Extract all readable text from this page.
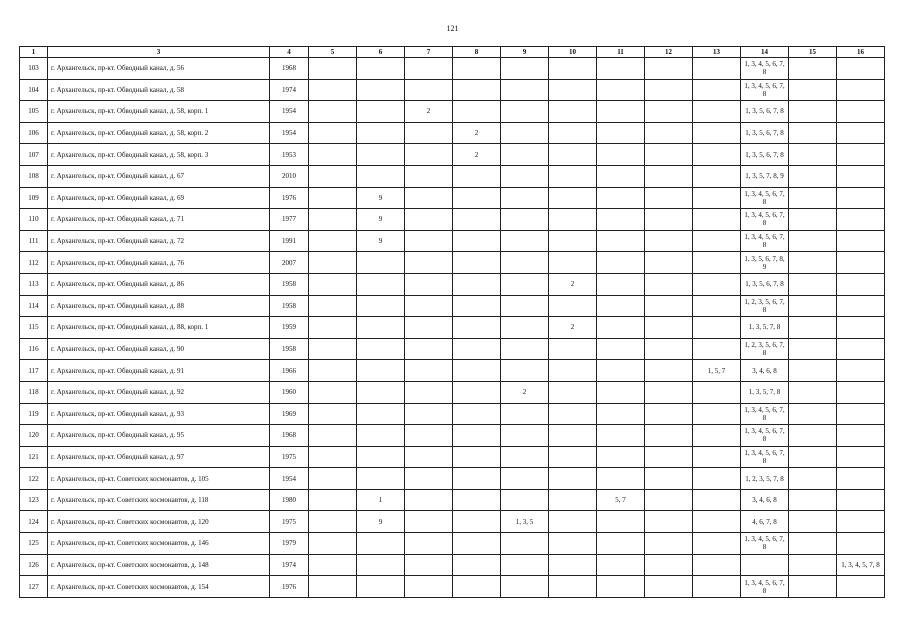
121
1	3	4	5	6	7	8	9	10	11	12	13	14	15	16
103	г. Архангельск, пр-кт. Обводный канал, д. 56	1968										1, 3, 4, 5, 6, 7, 8		
104	г. Архангельск, пр-кт. Обводный канал, д. 58	1974										1, 3, 4, 5, 6, 7, 8		
105	г. Архангельск, пр-кт. Обводный канал, д. 58, корп. 1	1954			2							1, 3, 5, 6, 7, 8		
106	г. Архангельск, пр-кт. Обводный канал, д. 58, корп. 2	1954				2						1, 3, 5, 6, 7, 8		
107	г. Архангельск, пр-кт. Обводный канал, д. 58, корп. 3	1953				2						1, 3, 5, 6, 7, 8		
108	г. Архангельск, пр-кт. Обводный канал, д. 67	2010										1, 3, 5, 7, 8, 9		
109	г. Архангельск, пр-кт. Обводный канал, д. 69	1976		9								1, 3, 4, 5, 6, 7, 8		
110	г. Архангельск, пр-кт. Обводный канал, д. 71	1977		9								1, 3, 4, 5, 6, 7, 8		
111	г. Архангельск, пр-кт. Обводный канал, д. 72	1991		9								1, 3, 4, 5, 6, 7, 8		
112	г. Архангельск, пр-кт. Обводный канал, д. 76	2007										1, 3, 5, 6, 7, 8, 9		
113	г. Архангельск, пр-кт. Обводный канал, д. 86	1958						2				1, 3, 5, 6, 7, 8		
114	г. Архангельск, пр-кт. Обводный канал, д. 88	1958										1, 2, 3, 5, 6, 7, 8		
115	г. Архангельск, пр-кт. Обводный канал, д. 88, корп. 1	1959						2				1, 3, 5, 7, 8		
116	г. Архангельск, пр-кт. Обводный канал, д. 90	1958										1, 2, 3, 5, 6, 7, 8		
117	г. Архангельск, пр-кт. Обводный канал, д. 91	1966									1, 5, 7	3, 4, 6, 8		
118	г. Архангельск, пр-кт. Обводный канал, д. 92	1960					2					1, 3, 5, 7, 8		
119	г. Архангельск, пр-кт. Обводный канал, д. 93	1969										1, 3, 4, 5, 6, 7, 8		
120	г. Архангельск, пр-кт. Обводный канал, д. 95	1968										1, 3, 4, 5, 6, 7, 8		
121	г. Архангельск, пр-кт. Обводный канал, д. 97	1975										1, 3, 4, 5, 6, 7, 8		
122	г. Архангельск, пр-кт. Советских космонавтов, д. 105	1954										1, 2, 3, 5, 7, 8		
123	г. Архангельск, пр-кт. Советских космонавтов, д. 118	1980		1					5, 7			3, 4, 6, 8		
124	г. Архангельск, пр-кт. Советских космонавтов, д. 120	1975		9			1, 3, 5					4, 6, 7, 8		
125	г. Архангельск, пр-кт. Советских космонавтов, д. 146	1979										1, 3, 4, 5, 6, 7, 8		
126	г. Архангельск, пр-кт. Советских космонавтов, д. 148	1974												1, 3, 4, 5, 7, 8
127	г. Архангельск, пр-кт. Советских космонавтов, д. 154	1976										1, 3, 4, 5, 6, 7, 8		
